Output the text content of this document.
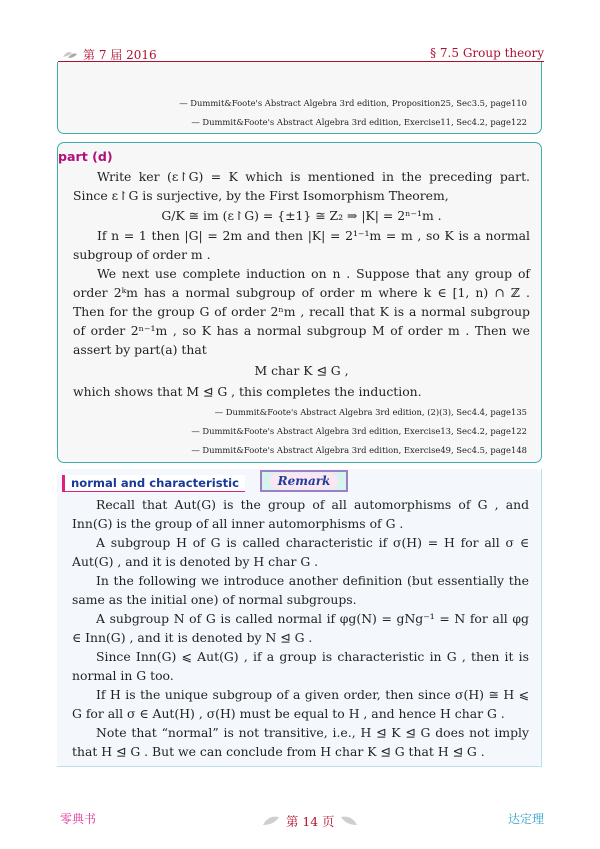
第 7 届 2016	§ 7.5 Group theory
— Dummit&Foote's Abstract Algebra 3rd edition, Proposition25, Sec3.5, page110
— Dummit&Foote's Abstract Algebra 3rd edition, Exercise11, Sec4.2, page122
part (d)

Write ker (ε↾G) = K which is mentioned in the preceding part. Since ε↾G is surjective, by the First Isomorphism Theorem,

G/K ≅ im (ε↾G) = {±1} ≅ Z₂ ⇒ |K| = 2ⁿ⁻¹m .

If n = 1 then |G| = 2m and then |K| = 2¹⁻¹m = m , so K is a normal subgroup of order m .

We next use complete induction on n . Suppose that any group of order 2ᵏm has a normal subgroup of order m where k ∈ [1, n) ∩ ℤ . Then for the group G of order 2ⁿm , recall that K is a normal subgroup of order 2ⁿ⁻¹m , so K has a normal subgroup M of order m . Then we assert by part(a) that

M char K ⊴ G ,

which shows that M ⊴ G , this completes the induction.

— Dummit&Foote's Abstract Algebra 3rd edition, (2)(3), Sec4.4, page135
— Dummit&Foote's Abstract Algebra 3rd edition, Exercise13, Sec4.2, page122
— Dummit&Foote's Abstract Algebra 3rd edition, Exercise49, Sec4.5, page148
normal and characteristic	Remark

Recall that Aut(G) is the group of all automorphisms of G , and Inn(G) is the group of all inner automorphisms of G .

A subgroup H of G is called characteristic if σ(H) = H for all σ ∈ Aut(G) , and it is denoted by H char G .

In the following we introduce another definition (but essentially the same as the initial one) of normal subgroups.

A subgroup N of G is called normal if φg(N) = gNg⁻¹ = N for all φg ∈ Inn(G) , and it is denoted by N ⊴ G .

Since Inn(G) ⩽ Aut(G) , if a group is characteristic in G , then it is normal in G too.

If H is the unique subgroup of a given order, then since σ(H) ≅ H ⩽ G for all σ ∈ Aut(H) , σ(H) must be equal to H , and hence H char G .

Note that “normal” is not transitive, i.e., H ⊴ K ⊴ G does not imply that H ⊴ G . But we can conclude from H char K ⊴ G that H ⊴ G .

零典书	第 14 页	达定理
